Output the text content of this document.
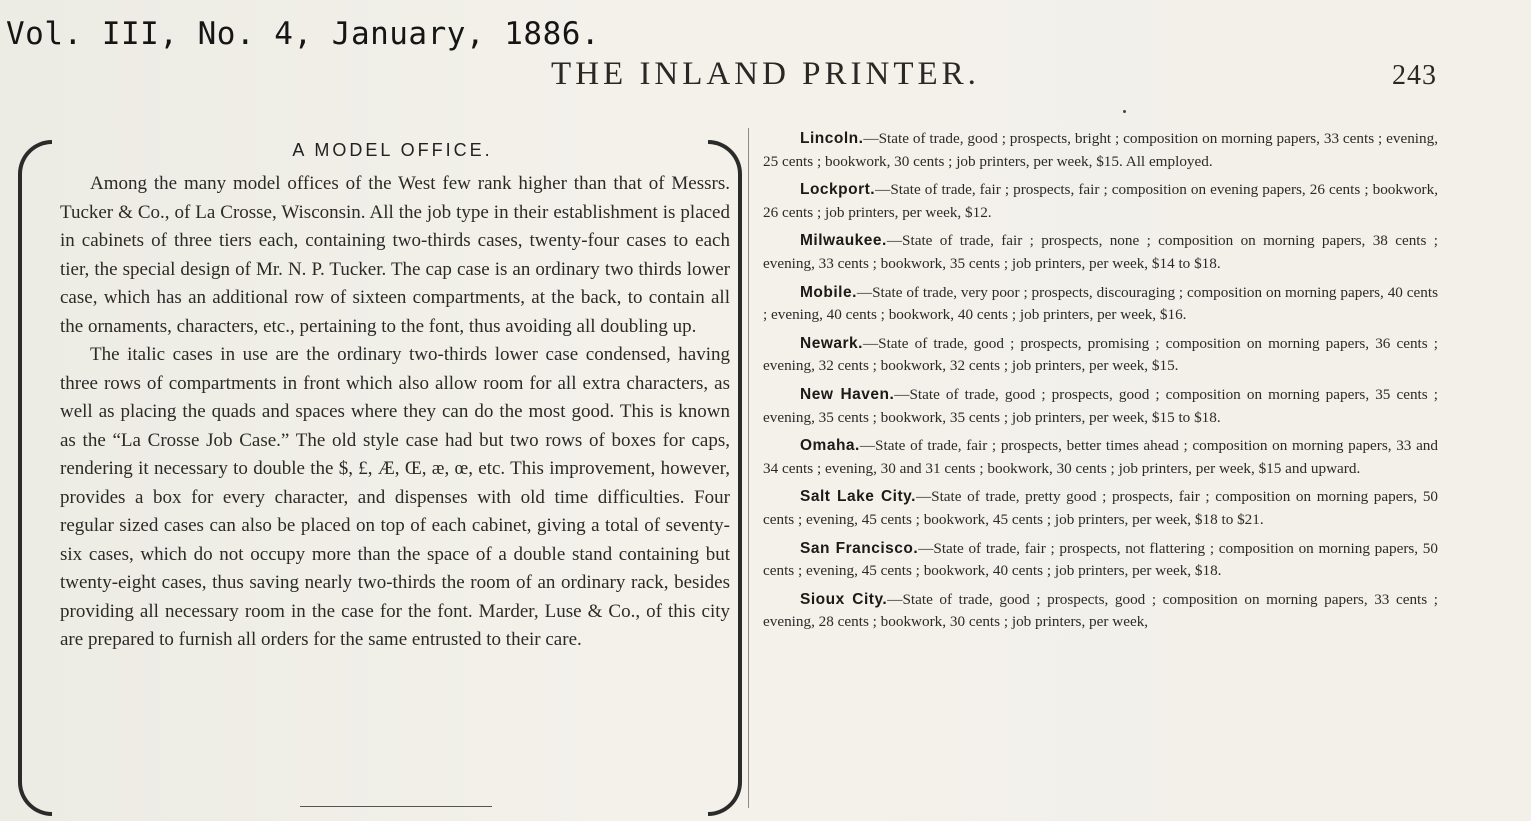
Vol. III, No. 4, January, 1886.
THE INLAND PRINTER.	243
A MODEL OFFICE.

Among the many model offices of the West few rank higher than that of Messrs. Tucker & Co., of La Crosse, Wisconsin. All the job type in their establishment is placed in cabinets of three tiers each, containing two-thirds cases, twenty-four cases to each tier, the special design of Mr. N. P. Tucker. The cap case is an ordinary two thirds lower case, which has an additional row of sixteen compartments, at the back, to contain all the ornaments, characters, etc., pertaining to the font, thus avoiding all doubling up.

The italic cases in use are the ordinary two-thirds lower case condensed, having three rows of compartments in front which also allow room for all extra characters, as well as placing the quads and spaces where they can do the most good. This is known as the “La Crosse Job Case.” The old style case had but two rows of boxes for caps, rendering it necessary to double the $, £, Æ, Œ, æ, œ, etc. This improvement, however, provides a box for every character, and dispenses with old time difficulties. Four regular sized cases can also be placed on top of each cabinet, giving a total of seventy-six cases, which do not occupy more than the space of a double stand containing but twenty-eight cases, thus saving nearly two-thirds the room of an ordinary rack, besides providing all necessary room in the case for the font. Marder, Luse & Co., of this city are prepared to furnish all orders for the same entrusted to their care.

Lincoln.—State of trade, good ; prospects, bright ; composition on morning papers, 33 cents ; evening, 25 cents ; bookwork, 30 cents ; job printers, per week, $15. All employed.

Lockport.—State of trade, fair ; prospects, fair ; composition on evening papers, 26 cents ; bookwork, 26 cents ; job printers, per week, $12.

Milwaukee.—State of trade, fair ; prospects, none ; composition on morning papers, 38 cents ; evening, 33 cents ; bookwork, 35 cents ; job printers, per week, $14 to $18.

Mobile.—State of trade, very poor ; prospects, discouraging ; composition on morning papers, 40 cents ; evening, 40 cents ; bookwork, 40 cents ; job printers, per week, $16.

Newark.—State of trade, good ; prospects, promising ; composition on morning papers, 36 cents ; evening, 32 cents ; bookwork, 32 cents ; job printers, per week, $15.

New Haven.—State of trade, good ; prospects, good ; composition on morning papers, 35 cents ; evening, 35 cents ; bookwork, 35 cents ; job printers, per week, $15 to $18.

Omaha.—State of trade, fair ; prospects, better times ahead ; composition on morning papers, 33 and 34 cents ; evening, 30 and 31 cents ; bookwork, 30 cents ; job printers, per week, $15 and upward.

Salt Lake City.—State of trade, pretty good ; prospects, fair ; composition on morning papers, 50 cents ; evening, 45 cents ; bookwork, 45 cents ; job printers, per week, $18 to $21.

San Francisco.—State of trade, fair ; prospects, not flattering ; composition on morning papers, 50 cents ; evening, 45 cents ; bookwork, 40 cents ; job printers, per week, $18.

Sioux City.—State of trade, good ; prospects, good ; composition on morning papers, 33 cents ; evening, 28 cents ; bookwork, 30 cents ; job printers, per week,
